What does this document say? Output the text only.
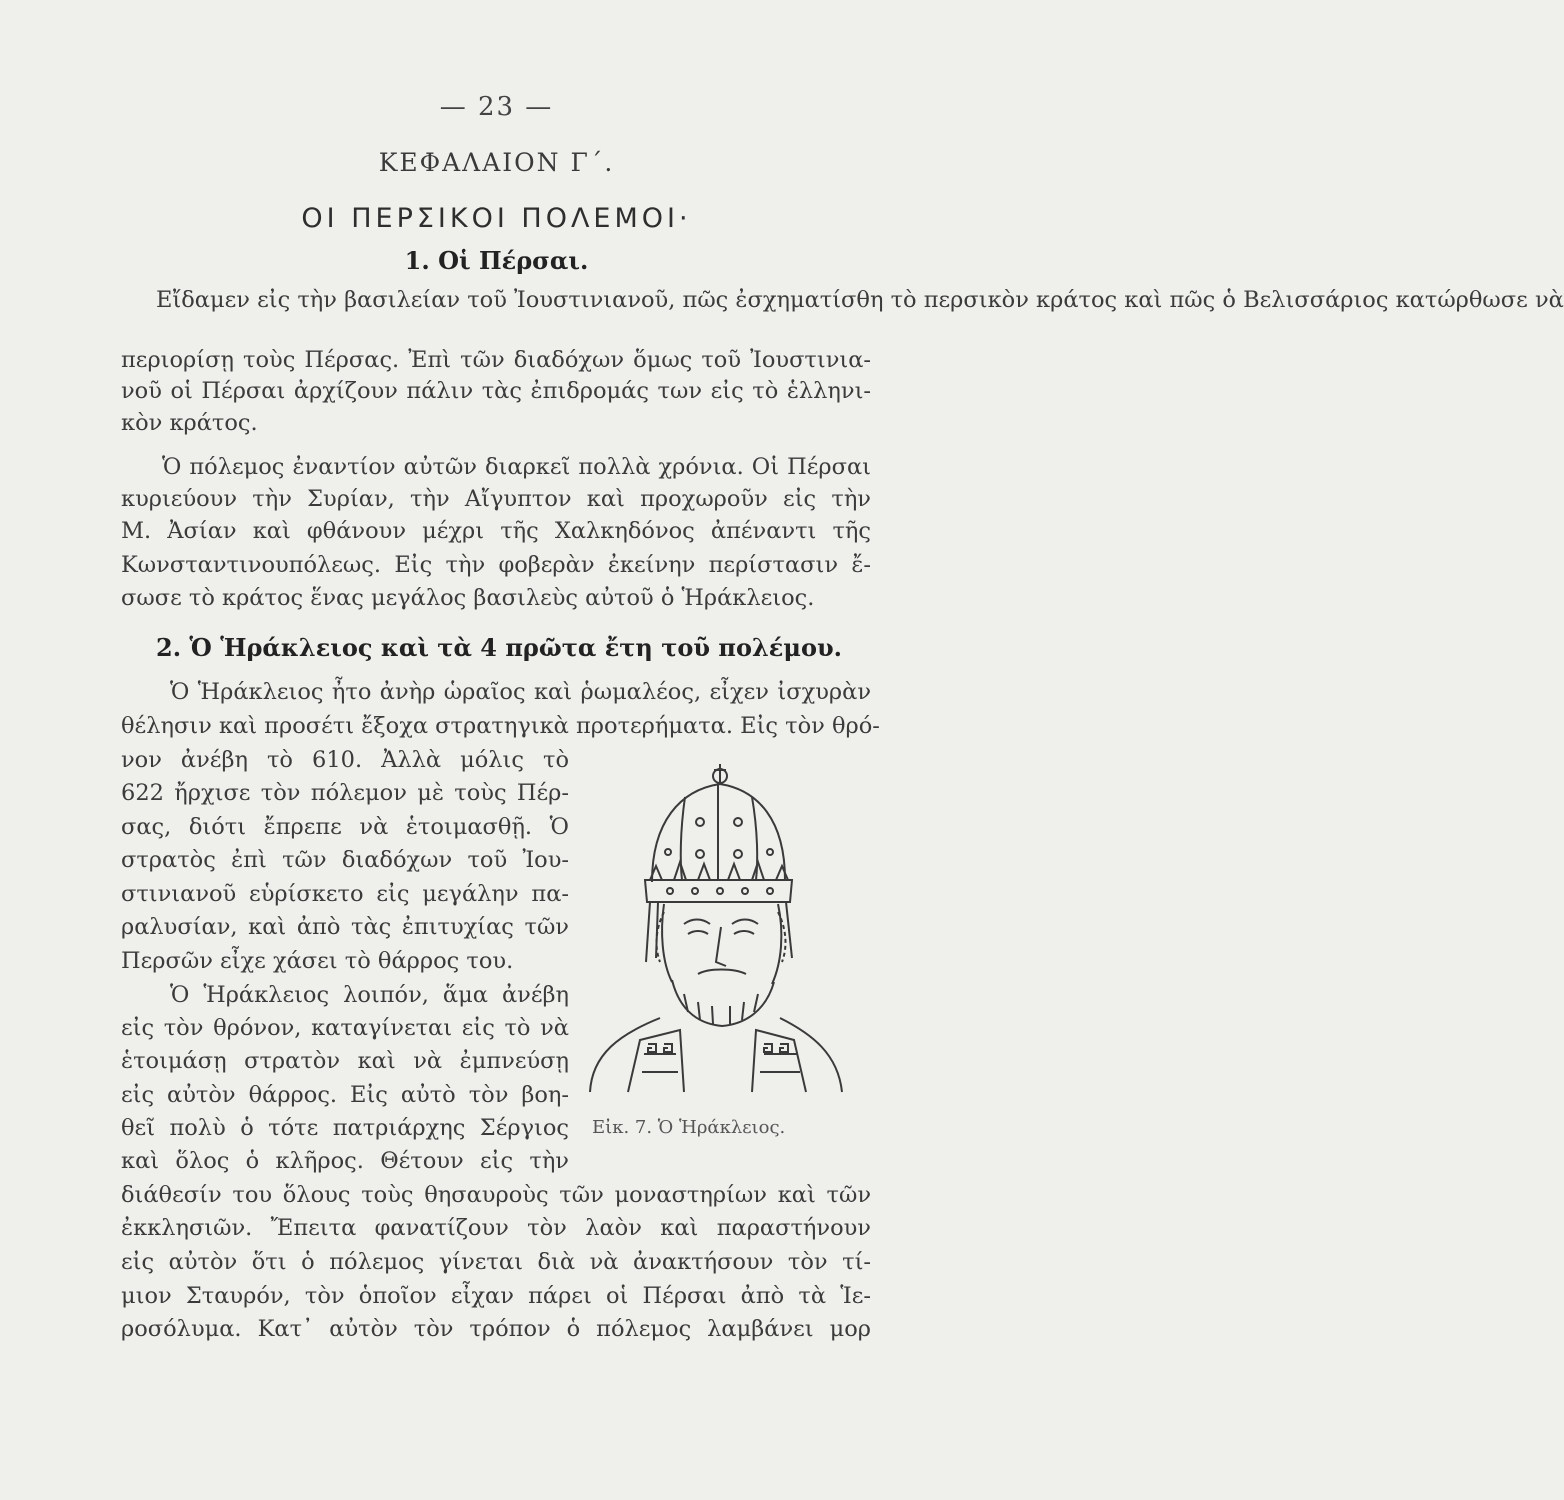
— 23 —
ΚΕΦΑΛΑΙΟΝ Γ΄.
ΟΙ ΠΕΡΣΙΚΟΙ ΠΟΛΕΜΟΙ·
1. Οἱ Πέρσαι.
Εἴδαμεν εἰς τὴν βασιλείαν τοῦ Ἰουστινιανοῦ, πῶς ἐσχηματίσθη τὸ περσικὸν κράτος καὶ πῶς ὁ Βελισσάριος κατώρθωσε νὰ
περιορίσῃ τοὺς Πέρσας. Ἐπὶ τῶν διαδόχων ὅμως τοῦ Ἰουστινια-
νοῦ οἱ Πέρσαι ἀρχίζουν πάλιν τὰς ἐπιδρομάς των εἰς τὸ ἑλληνι-
κὸν κράτος.
Ὁ πόλεμος ἐναντίον αὐτῶν διαρκεῖ πολλὰ χρόνια. Οἱ Πέρσαι
κυριεύουν τὴν Συρίαν, τὴν Αἴγυπτον καὶ προχωροῦν εἰς τὴν
Μ. Ἀσίαν καὶ φθάνουν μέχρι τῆς Χαλκηδόνος ἀπέναντι τῆς
Κωνσταντινουπόλεως. Εἰς τὴν φοβερὰν ἐκείνην περίστασιν ἔ-
σωσε τὸ κράτος ἕνας μεγάλος βασιλεὺς αὐτοῦ ὁ Ἡράκλειος.
2. Ὁ Ἡράκλειος καὶ τὰ 4 πρῶτα ἔτη τοῦ πολέμου.
Ὁ Ἡράκλειος ἦτο ἀνὴρ ὡραῖος καὶ ῥωμαλέος, εἶχεν ἰσχυρὰν
θέλησιν καὶ προσέτι ἔξοχα στρατηγικὰ προτερήματα. Εἰς τὸν θρό-
νον ἀνέβη τὸ 610. Ἀλλὰ μόλις τὸ
622 ἤρχισε τὸν πόλεμον μὲ τοὺς Πέρ-
σας, διότι ἔπρεπε νὰ ἑτοιμασθῇ. Ὁ
στρατὸς ἐπὶ τῶν διαδόχων τοῦ Ἰου-
στινιανοῦ εὑρίσκετο εἰς μεγάλην πα-
ραλυσίαν, καὶ ἀπὸ τὰς ἐπιτυχίας τῶν
Περσῶν εἶχε χάσει τὸ θάρρος του.
Ὁ Ἡράκλειος λοιπόν, ἅμα ἀνέβη
εἰς τὸν θρόνον, καταγίνεται εἰς τὸ νὰ
ἑτοιμάσῃ στρατὸν καὶ νὰ ἐμπνεύσῃ
εἰς αὐτὸν θάρρος. Εἰς αὐτὸ τὸν βοη-
θεῖ πολὺ ὁ τότε πατριάρχης Σέργιος
καὶ ὅλος ὁ κλῆρος. Θέτουν εἰς τὴν
διάθεσίν του ὅλους τοὺς θησαυροὺς τῶν μοναστηρίων καὶ τῶν
ἐκκλησιῶν. Ἔπειτα φανατίζουν τὸν λαὸν καὶ παραστήνουν
εἰς αὐτὸν ὅτι ὁ πόλεμος γίνεται διὰ νὰ ἀνακτήσουν τὸν τί-
μιον Σταυρόν, τὸν ὁποῖον εἶχαν πάρει οἱ Πέρσαι ἀπὸ τὰ Ἱε-
ροσόλυμα. Κατ᾽ αὐτὸν τὸν τρόπον ὁ πόλεμος λαμβάνει μορ
Εἰκ. 7. Ὁ Ἡράκλειος.
